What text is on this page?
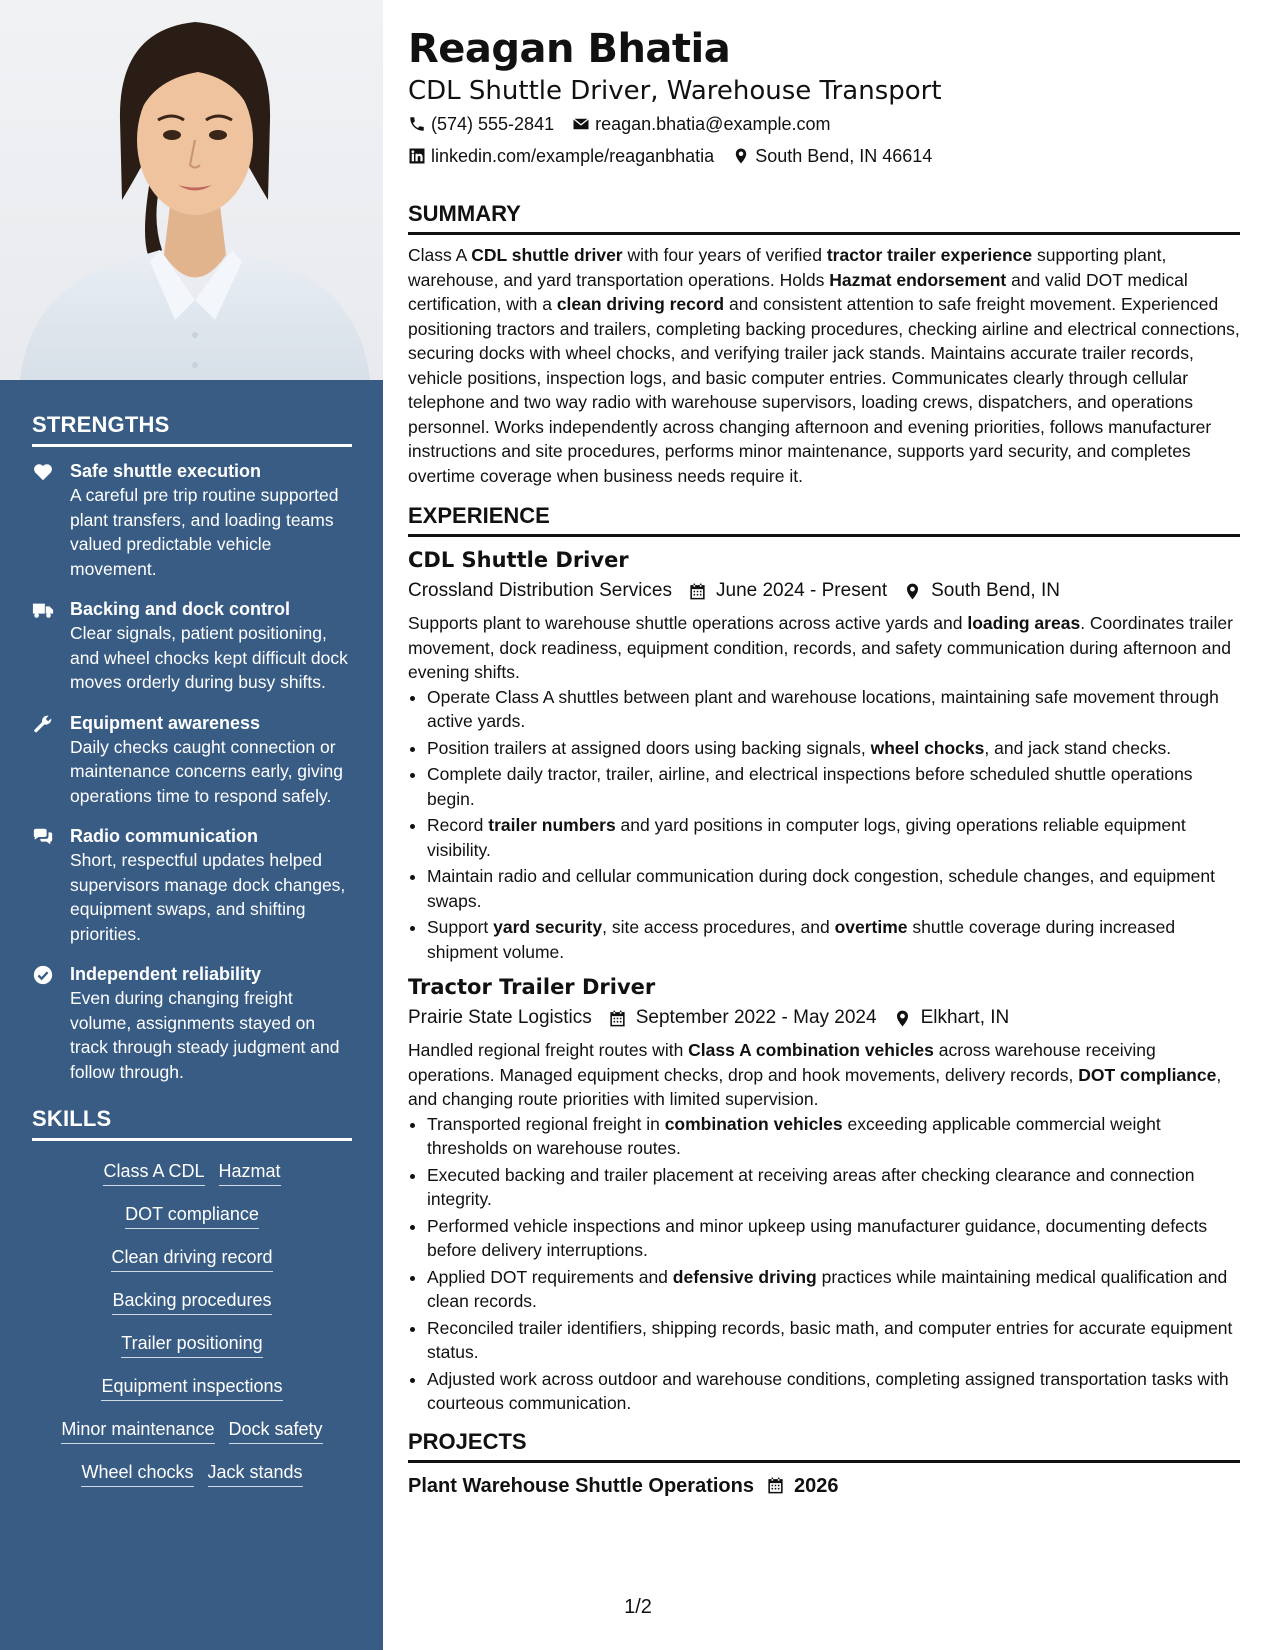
STRENGTHS
Safe shuttle execution
A careful pre trip routine supported plant transfers, and loading teams valued predictable vehicle movement.
Backing and dock control
Clear signals, patient positioning, and wheel chocks kept difficult dock moves orderly during busy shifts.
Equipment awareness
Daily checks caught connection or maintenance concerns early, giving operations time to respond safely.
Radio communication
Short, respectful updates helped supervisors manage dock changes, equipment swaps, and shifting priorities.
Independent reliability
Even during changing freight volume, assignments stayed on track through steady judgment and follow through.
SKILLS
Class A CDL Hazmat
DOT compliance
Clean driving record
Backing procedures
Trailer positioning
Equipment inspections
Minor maintenance Dock safety
Wheel chocks Jack stands
Reagan Bhatia
CDL Shuttle Driver, Warehouse Transport
(574) 555-2841 reagan.bhatia@example.com
linkedin.com/example/reaganbhatia South Bend, IN 46614
SUMMARY
Class A CDL shuttle driver with four years of verified tractor trailer experience supporting plant, warehouse, and yard transportation operations. Holds Hazmat endorsement and valid DOT medical certification, with a clean driving record and consistent attention to safe freight movement. Experienced positioning tractors and trailers, completing backing procedures, checking airline and electrical connections, securing docks with wheel chocks, and verifying trailer jack stands. Maintains accurate trailer records, vehicle positions, inspection logs, and basic computer entries. Communicates clearly through cellular telephone and two way radio with warehouse supervisors, loading crews, dispatchers, and operations personnel. Works independently across changing afternoon and evening priorities, follows manufacturer instructions and site procedures, performs minor maintenance, supports yard security, and completes overtime coverage when business needs require it.
EXPERIENCE
CDL Shuttle Driver
Crossland Distribution Services June 2024 - Present South Bend, IN
Supports plant to warehouse shuttle operations across active yards and loading areas. Coordinates trailer movement, dock readiness, equipment condition, records, and safety communication during afternoon and evening shifts.
• Operate Class A shuttles between plant and warehouse locations, maintaining safe movement through active yards.
• Position trailers at assigned doors using backing signals, wheel chocks, and jack stand checks.
• Complete daily tractor, trailer, airline, and electrical inspections before scheduled shuttle operations begin.
• Record trailer numbers and yard positions in computer logs, giving operations reliable equipment visibility.
• Maintain radio and cellular communication during dock congestion, schedule changes, and equipment swaps.
• Support yard security, site access procedures, and overtime shuttle coverage during increased shipment volume.
Tractor Trailer Driver
Prairie State Logistics September 2022 - May 2024 Elkhart, IN
Handled regional freight routes with Class A combination vehicles across warehouse receiving operations. Managed equipment checks, drop and hook movements, delivery records, DOT compliance, and changing route priorities with limited supervision.
• Transported regional freight in combination vehicles exceeding applicable commercial weight thresholds on warehouse routes.
• Executed backing and trailer placement at receiving areas after checking clearance and connection integrity.
• Performed vehicle inspections and minor upkeep using manufacturer guidance, documenting defects before delivery interruptions.
• Applied DOT requirements and defensive driving practices while maintaining medical qualification and clean records.
• Reconciled trailer identifiers, shipping records, basic math, and computer entries for accurate equipment status.
• Adjusted work across outdoor and warehouse conditions, completing assigned transportation tasks with courteous communication.
PROJECTS
Plant Warehouse Shuttle Operations 2026
1/2
